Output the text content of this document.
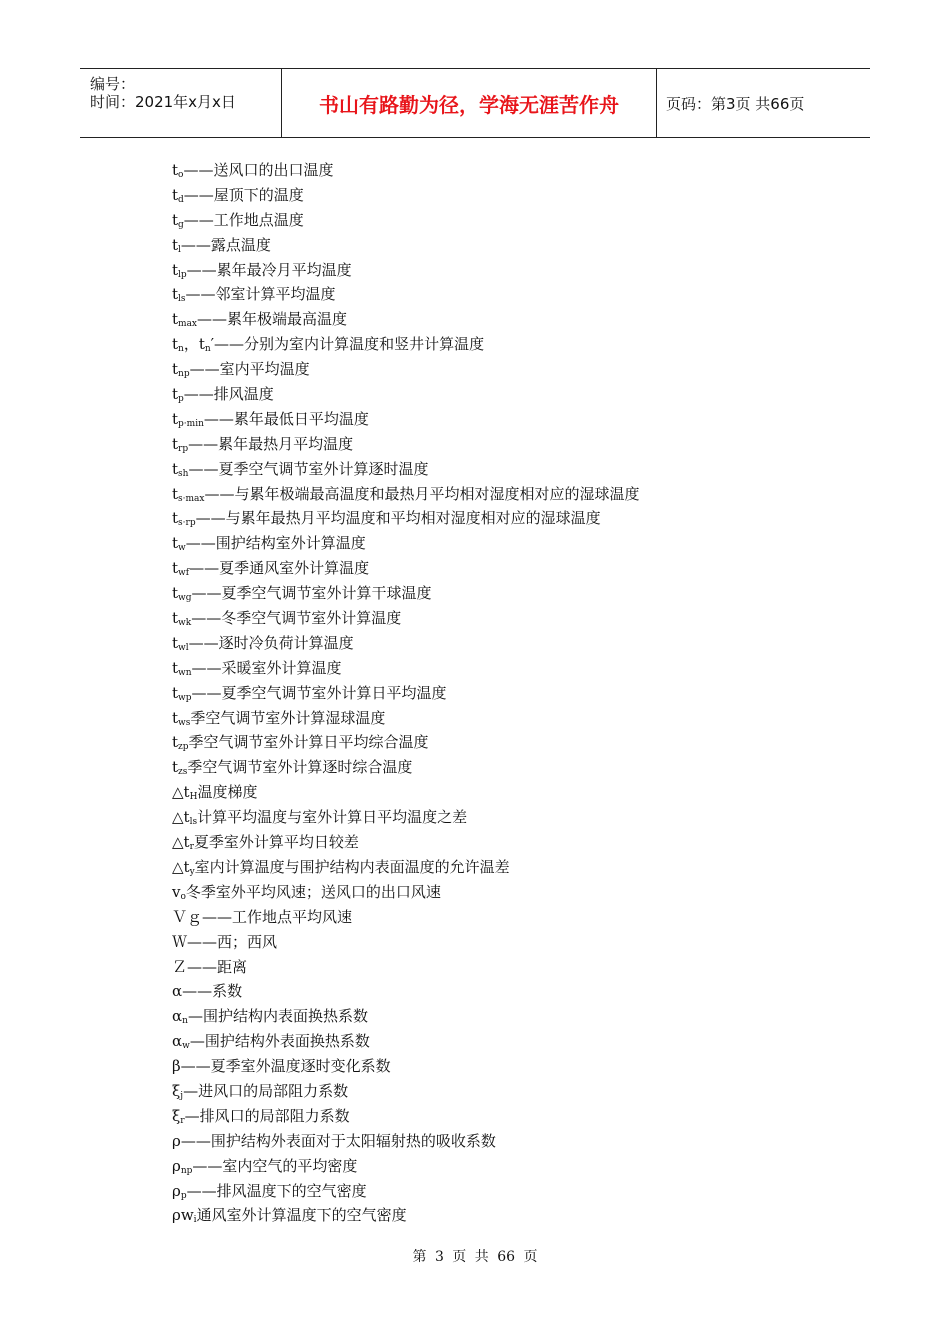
编号：
时间：2021年x月x日	书山有路勤为径，学海无涯苦作舟	页码：第3页 共66页
$t_o——$送风口的出口温度
$t_d——$屋顶下的温度
$t_g——$工作地点温度
$t_l——$露点温度
$t_{lp}——$累年最冷月平均温度
$t_{ls}——$邻室计算平均温度
$t_{max}——$累年极端最高温度
$t_n$，$t_n'——$分别为室内计算温度和竖井计算温度
$t_{np}——$室内平均温度
$t_p——$排风温度
$t_{p\cdot min}——$累年最低日平均温度
$t_{rp}——$累年最热月平均温度
$t_{sh}——$夏季空气调节室外计算逐时温度
$t_{s\cdot max}——$与累年极端最高温度和最热月平均相对湿度相对应的湿球温度
$t_{s\cdot rp}——$与累年最热月平均温度和平均相对湿度相对应的湿球温度
$t_w——$围护结构室外计算温度
$t_{wf}——$夏季通风室外计算温度
$t_{wg}——$夏季空气调节室外计算干球温度
$t_{wk}——$冬季空气调节室外计算温度
$t_{wl}——$逐时冷负荷计算温度
$t_{wn}——$采暖室外计算温度
$t_{wp}——$夏季空气调节室外计算日平均温度
$t_{ws}$季空气调节室外计算湿球温度
$t_{zp}$季空气调节室外计算日平均综合温度
$t_{zs}$季空气调节室外计算逐时综合温度
$\triangle t_H$温度梯度
$\triangle t_{ls}$计算平均温度与室外计算日平均温度之差
$\triangle t_r$夏季室外计算平均日较差
$\triangle t_y$室内计算温度与围护结构内表面温度的允许温差
$v_o$冬季室外平均风速；送风口的出口风速
Ｖｇ——工作地点平均风速
Ｗ——西；西风
Ｚ——距离
α——系数
$\alpha_n—$围护结构内表面换热系数
$\alpha_w—$围护结构外表面换热系数
β——夏季室外温度逐时变化系数
$\xi_j—$进风口的局部阻力系数
$\xi_r—$排风口的局部阻力系数
ρ——围护结构外表面对于太阳辐射热的吸收系数
$\rho_{np}——$室内空气的平均密度
$\rho_p——$排风温度下的空气密度
$\rho w_i$通风室外计算温度下的空气密度
第 3 页 共 66 页
